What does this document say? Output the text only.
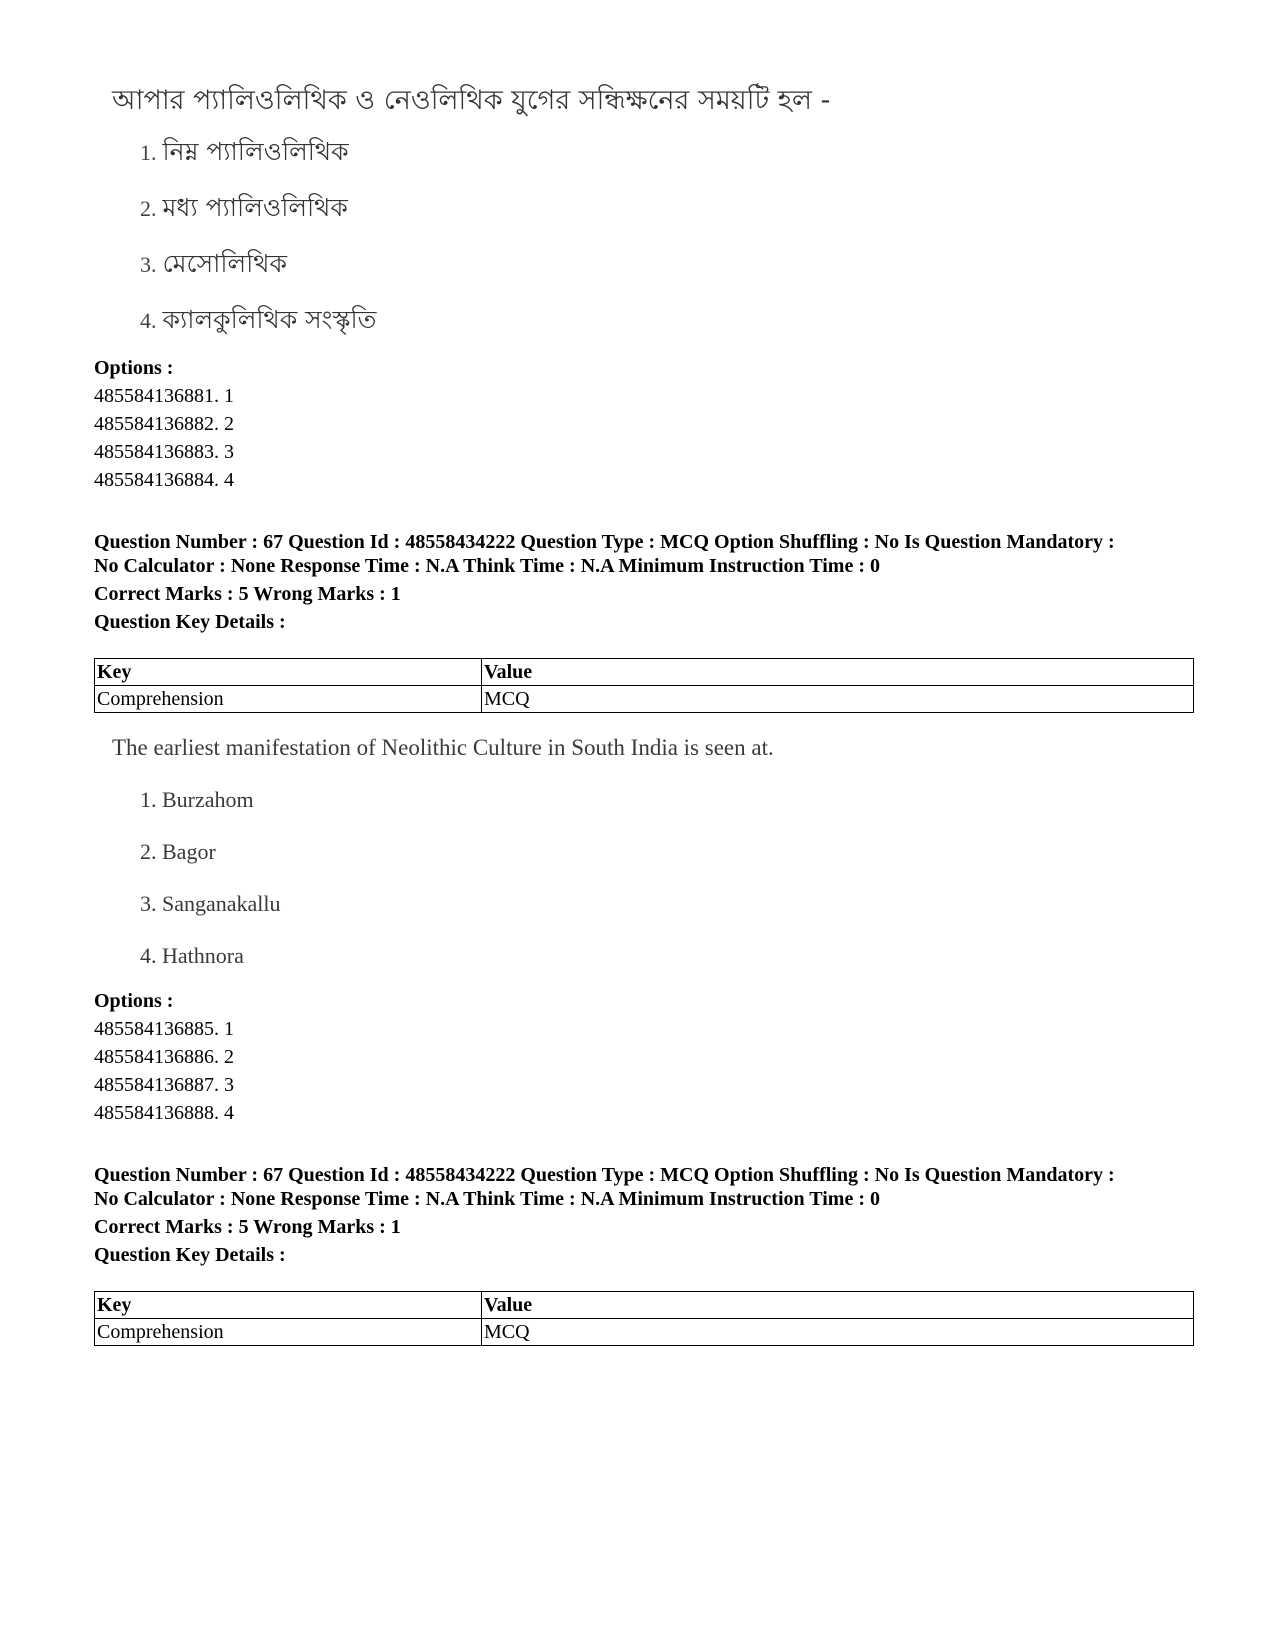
আপার প্যালিওলিথিক ও নেওলিথিক যুগের সন্ধিক্ষনের সময়টি হল -
1. নিম্ন প্যালিওলিথিক
2. মধ্য প্যালিওলিথিক
3. মেসোলিথিক
4. ক্যালকুলিথিক সংস্কৃতি
Options :
485584136881. 1
485584136882. 2
485584136883. 3
485584136884. 4
Question Number : 67 Question Id : 48558434222 Question Type : MCQ Option Shuffling : No Is Question Mandatory :
No Calculator : None Response Time : N.A Think Time : N.A Minimum Instruction Time : 0
Correct Marks : 5 Wrong Marks : 1
Question Key Details :
Key	Value
Comprehension	MCQ
The earliest manifestation of Neolithic Culture in South India is seen at.
1. Burzahom
2. Bagor
3. Sanganakallu
4. Hathnora
Options :
485584136885. 1
485584136886. 2
485584136887. 3
485584136888. 4
Question Number : 67 Question Id : 48558434222 Question Type : MCQ Option Shuffling : No Is Question Mandatory :
No Calculator : None Response Time : N.A Think Time : N.A Minimum Instruction Time : 0
Correct Marks : 5 Wrong Marks : 1
Question Key Details :
Key	Value
Comprehension	MCQ
